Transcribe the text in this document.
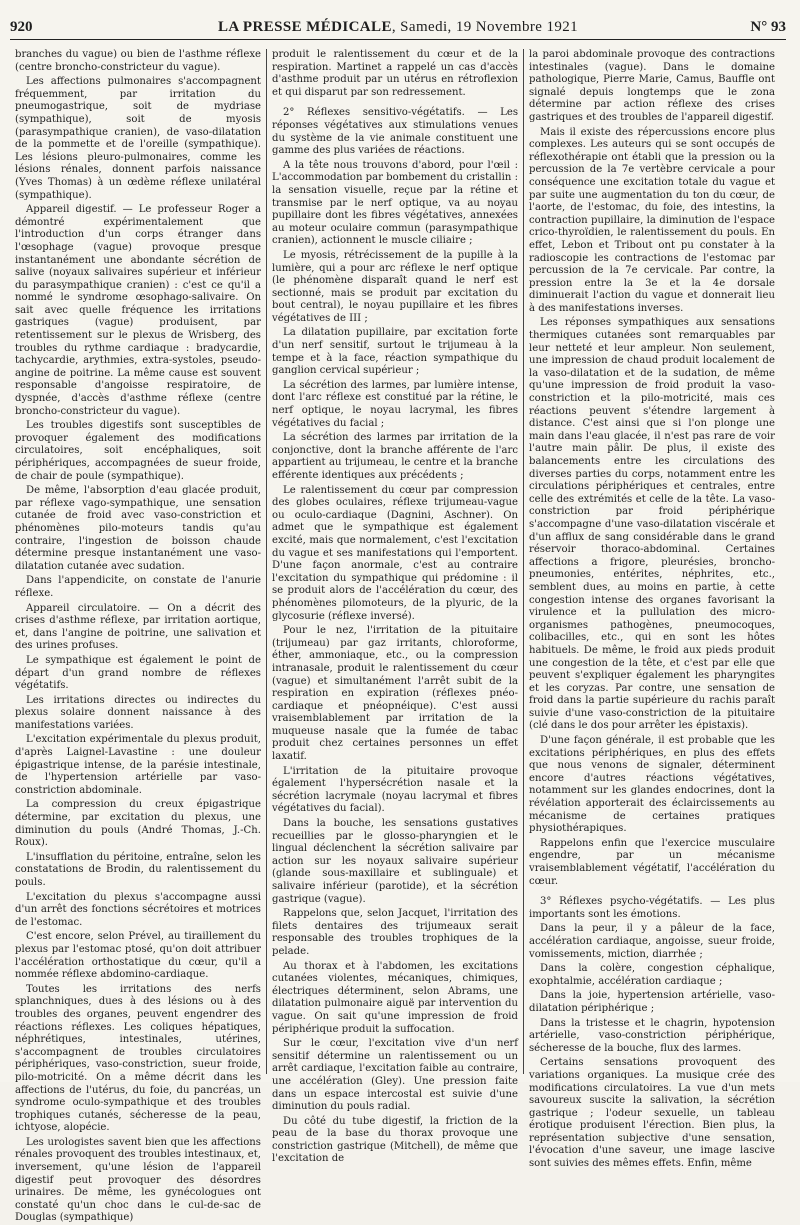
920	LA PRESSE MÉDICALE, Samedi, 19 Novembre 1921	N° 93

branches du vague) ou bien de l'asthme réflexe (centre broncho-constricteur du vague).

Les affections pulmonaires s'accompagnent fréquemment, par irritation du pneumogastrique, soit de mydriase (sympathique), soit de myosis (parasympathique cranien), de vaso-dilatation de la pommette et de l'oreille (sympathique). Les lésions pleuro-pulmonaires, comme les lésions rénales, donnent parfois naissance (Yves Thomas) à un œdème réflexe unilatéral (sympathique).

Appareil digestif. — Le professeur Roger a démontré expérimentalement que l'introduction d'un corps étranger dans l'œsophage (vague) provoque presque instantanément une abondante sécrétion de salive (noyaux salivaires supérieur et inférieur du parasympathique cranien) : c'est ce qu'il a nommé le syndrome œsophago-salivaire. On sait avec quelle fréquence les irritations gastriques (vague) produisent, par retentissement sur le plexus de Wrisberg, des troubles du rythme cardiaque : bradycardie, tachycardie, arythmies, extra-systoles, pseudo-angine de poitrine. La même cause est souvent responsable d'angoisse respiratoire, de dyspnée, d'accès d'asthme réflexe (centre broncho-constricteur du vague).

Les troubles digestifs sont susceptibles de provoquer également des modifications circulatoires, soit encéphaliques, soit périphériques, accompagnées de sueur froide, de chair de poule (sympathique).

De même, l'absorption d'eau glacée produit, par réflexe vago-sympathique, une sensation cutanée de froid avec vaso-constriction et phénomènes pilo-moteurs tandis qu'au contraire, l'ingestion de boisson chaude détermine presque instantanément une vaso-dilatation cutanée avec sudation.

Dans l'appendicite, on constate de l'anurie réflexe.

Appareil circulatoire. — On a décrit des crises d'asthme réflexe, par irritation aortique, et, dans l'angine de poitrine, une salivation et des urines profuses.

Le sympathique est également le point de départ d'un grand nombre de réflexes végétatifs.

Les irritations directes ou indirectes du plexus solaire donnent naissance à des manifestations variées.

L'excitation expérimentale du plexus produit, d'après Laignel-Lavastine : une douleur épigastrique intense, de la parésie intestinale, de l'hypertension artérielle par vaso-constriction abdominale.

La compression du creux épigastrique détermine, par excitation du plexus, une diminution du pouls (André Thomas, J.-Ch. Roux).

L'insufflation du péritoine, entraîne, selon les constatations de Brodin, du ralentissement du pouls.

L'excitation du plexus s'accompagne aussi d'un arrêt des fonctions sécrétoires et motrices de l'estomac.

C'est encore, selon Prével, au tiraillement du plexus par l'estomac ptosé, qu'on doit attribuer l'accélération orthostatique du cœur, qu'il a nommée réflexe abdomino-cardiaque.

Toutes les irritations des nerfs splanchniques, dues à des lésions ou à des troubles des organes, peuvent engendrer des réactions réflexes. Les coliques hépatiques, néphrétiques, intestinales, utérines, s'accompagnent de troubles circulatoires périphériques, vaso-constriction, sueur froide, pilo-motricité. On a même décrit dans les affections de l'utérus, du foie, du pancréas, un syndrome oculo-sympathique et des troubles trophiques cutanés, sécheresse de la peau, ichtyose, alopécie.

Les urologistes savent bien que les affections rénales provoquent des troubles intestinaux, et, inversement, qu'une lésion de l'appareil digestif peut provoquer des désordres urinaires. De même, les gynécologues ont constaté qu'un choc dans le cul-de-sac de Douglas (sympathique)

produit le ralentissement du cœur et de la respiration. Martinet a rappelé un cas d'accès d'asthme produit par un utérus en rétroflexion et qui disparut par son redressement.

2° Réflexes sensitivo-végétatifs. — Les réponses végétatives aux stimulations venues du système de la vie animale constituent une gamme des plus variées de réactions.

A la tête nous trouvons d'abord, pour l'œil : L'accommodation par bombement du cristallin : la sensation visuelle, reçue par la rétine et transmise par le nerf optique, va au noyau pupillaire dont les fibres végétatives, annexées au moteur oculaire commun (parasympathique cranien), actionnent le muscle ciliaire ;

Le myosis, rétrécissement de la pupille à la lumière, qui a pour arc réflexe le nerf optique (le phénomène disparaît quand le nerf est sectionné, mais se produit par excitation du bout central), le noyau pupillaire et les fibres végétatives de III ;

La dilatation pupillaire, par excitation forte d'un nerf sensitif, surtout le trijumeau à la tempe et à la face, réaction sympathique du ganglion cervical supérieur ;

La sécrétion des larmes, par lumière intense, dont l'arc réflexe est constitué par la rétine, le nerf optique, le noyau lacrymal, les fibres végétatives du facial ;

La sécrétion des larmes par irritation de la conjonctive, dont la branche afférente de l'arc appartient au trijumeau, le centre et la branche efférente identiques aux précédents ;

Le ralentissement du cœur par compression des globes oculaires, réflexe trijumeau-vague ou oculo-cardiaque (Dagnini, Aschner). On admet que le sympathique est également excité, mais que normalement, c'est l'excitation du vague et ses manifestations qui l'emportent. D'une façon anormale, c'est au contraire l'excitation du sympathique qui prédomine : il se produit alors de l'accélération du cœur, des phénomènes pilomoteurs, de la plyuric, de la glycosurie (réflexe inversé).

Pour le nez, l'irritation de la pituitaire (trijumeau) par gaz irritants, chloroforme, éther, ammoniaque, etc., ou la compression intranasale, produit le ralentissement du cœur (vague) et simultanément l'arrêt subit de la respiration en expiration (réflexes pnéo-cardiaque et pnéopnéique). C'est aussi vraisemblablement par irritation de la muqueuse nasale que la fumée de tabac produit chez certaines personnes un effet laxatif.

L'irritation de la pituitaire provoque également l'hypersécrétion nasale et la sécrétion lacrymale (noyau lacrymal et fibres végétatives du facial).

Dans la bouche, les sensations gustatives recueillies par le glosso-pharyngien et le lingual déclenchent la sécrétion salivaire par action sur les noyaux salivaire supérieur (glande sous-maxillaire et sublinguale) et salivaire inférieur (parotide), et la sécrétion gastrique (vague).

Rappelons que, selon Jacquet, l'irritation des filets dentaires des trijumeaux serait responsable des troubles trophiques de la pelade.

Au thorax et à l'abdomen, les excitations cutanées violentes, mécaniques, chimiques, électriques déterminent, selon Abrams, une dilatation pulmonaire aiguë par intervention du vague. On sait qu'une impression de froid périphérique produit la suffocation.

Sur le cœur, l'excitation vive d'un nerf sensitif détermine un ralentissement ou un arrêt cardiaque, l'excitation faible au contraire, une accélération (Gley). Une pression faite dans un espace intercostal est suivie d'une diminution du pouls radial.

Du côté du tube digestif, la friction de la peau de la base du thorax provoque une constriction gastrique (Mitchell), de même que l'excitation de

la paroi abdominale provoque des contractions intestinales (vague). Dans le domaine pathologique, Pierre Marie, Camus, Bauffle ont signalé depuis longtemps que le zona détermine par action réflexe des crises gastriques et des troubles de l'appareil digestif.

Mais il existe des répercussions encore plus complexes. Les auteurs qui se sont occupés de réflexothérapie ont établi que la pression ou la percussion de la 7e vertèbre cervicale a pour conséquence une excitation totale du vague et par suite une augmentation du ton du cœur, de l'aorte, de l'estomac, du foie, des intestins, la contraction pupillaire, la diminution de l'espace crico-thyroïdien, le ralentissement du pouls. En effet, Lebon et Tribout ont pu constater à la radioscopie les contractions de l'estomac par percussion de la 7e cervicale. Par contre, la pression entre la 3e et la 4e dorsale diminuerait l'action du vague et donnerait lieu à des manifestations inverses.

Les réponses sympathiques aux sensations thermiques cutanées sont remarquables par leur netteté et leur ampleur. Non seulement, une impression de chaud produit localement de la vaso-dilatation et de la sudation, de même qu'une impression de froid produit la vaso-constriction et la pilo-motricité, mais ces réactions peuvent s'étendre largement à distance. C'est ainsi que si l'on plonge une main dans l'eau glacée, il n'est pas rare de voir l'autre main pâlir. De plus, il existe des balancements entre les circulations des diverses parties du corps, notamment entre les circulations périphériques et centrales, entre celle des extrémités et celle de la tête. La vaso-constriction par froid périphérique s'accompagne d'une vaso-dilatation viscérale et d'un afflux de sang considérable dans le grand réservoir thoraco-abdominal. Certaines affections a frigore, pleurésies, broncho-pneumonies, entérites, néphrites, etc., semblent dues, au moins en partie, à cette congestion intense des organes favorisant la virulence et la pullulation des micro-organismes pathogènes, pneumocoques, colibacilles, etc., qui en sont les hôtes habituels. De même, le froid aux pieds produit une congestion de la tête, et c'est par elle que peuvent s'expliquer également les pharyngites et les coryzas. Par contre, une sensation de froid dans la partie supérieure du rachis paraît suivie d'une vaso-constriction de la pituitaire (clé dans le dos pour arrêter les épistaxis).

D'une façon générale, il est probable que les excitations périphériques, en plus des effets que nous venons de signaler, déterminent encore d'autres réactions végétatives, notamment sur les glandes endocrines, dont la révélation apporterait des éclaircissements au mécanisme de certaines pratiques physiothérapiques.

Rappelons enfin que l'exercice musculaire engendre, par un mécanisme vraisemblablement végétatif, l'accélération du cœur.

3° Réflexes psycho-végétatifs. — Les plus importants sont les émotions.

Dans la peur, il y a pâleur de la face, accélération cardiaque, angoisse, sueur froide, vomissements, miction, diarrhée ;

Dans la colère, congestion céphalique, exophtalmie, accélération cardiaque ;

Dans la joie, hypertension artérielle, vaso-dilatation périphérique ;

Dans la tristesse et le chagrin, hypotension artérielle, vaso-constriction périphérique, sécheresse de la bouche, flux des larmes.

Certains sensations provoquent des variations organiques. La musique crée des modifications circulatoires. La vue d'un mets savoureux suscite la salivation, la sécrétion gastrique ; l'odeur sexuelle, un tableau érotique produisent l'érection. Bien plus, la représentation subjective d'une sensation, l'évocation d'une saveur, une image lascive sont suivies des mêmes effets. Enfin, même
